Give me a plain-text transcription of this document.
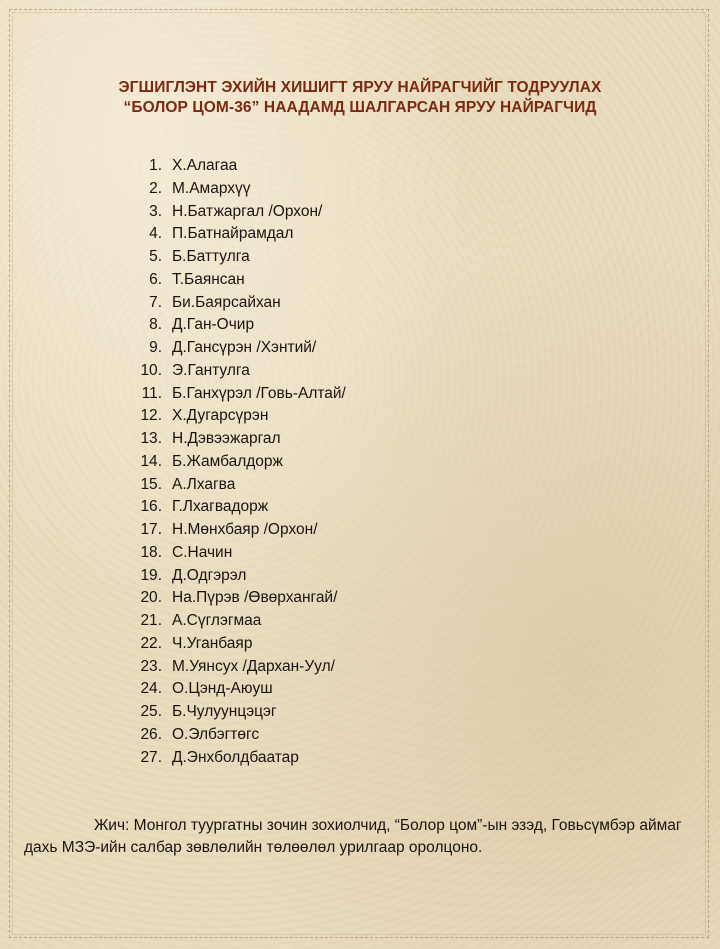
ЭГШИГЛЭНТ ЭХИЙН ХИШИГТ ЯРУУ НАЙРАГЧИЙГ ТОДРУУЛАХ
“БОЛОР ЦОМ-36” НААДАМД ШАЛГАРСАН ЯРУУ НАЙРАГЧИД
1 . Х.Алагаа
2 . М.Амархүү
3 . Н.Батжаргал /Орхон/
4 . П.Батнайрамдал
5 . Б.Баттулга
6 . Т.Баянсан
7 . Би.Баярсайхан
8 . Д.Ган-Очир
9 . Д.Гансүрэн /Хэнтий/
10 . Э.Гантулга
11 . Б.Ганхүрэл /Говь-Алтай/
12 . Х.Дугарсүрэн
13 . Н.Дэвээжаргал
14 . Б.Жамбалдорж
15 . А.Лхагва
16 . Г.Лхагвадорж
17 . Н.Мөнхбаяр /Орхон/
18 . С.Начин
19 . Д.Одгэрэл
20 . На.Пүрэв /Өвөрхангай/
21 . А.Сүглэгмаа
22 . Ч.Уганбаяр
23 . М.Уянсух /Дархан-Уул/
24 . О.Цэнд-Аюуш
25 . Б.Чулуунцэцэг
26 . О.Элбэгтөгс
27 . Д.Энхболдбаатар

Жич: Монгол туургатны зочин зохиолчид, “Болор цом”-ын эзэд, Говьсүмбэр аймаг дахь МЗЭ-ийн салбар зөвлөлийн төлөөлөл урилгаар оролцоно.
